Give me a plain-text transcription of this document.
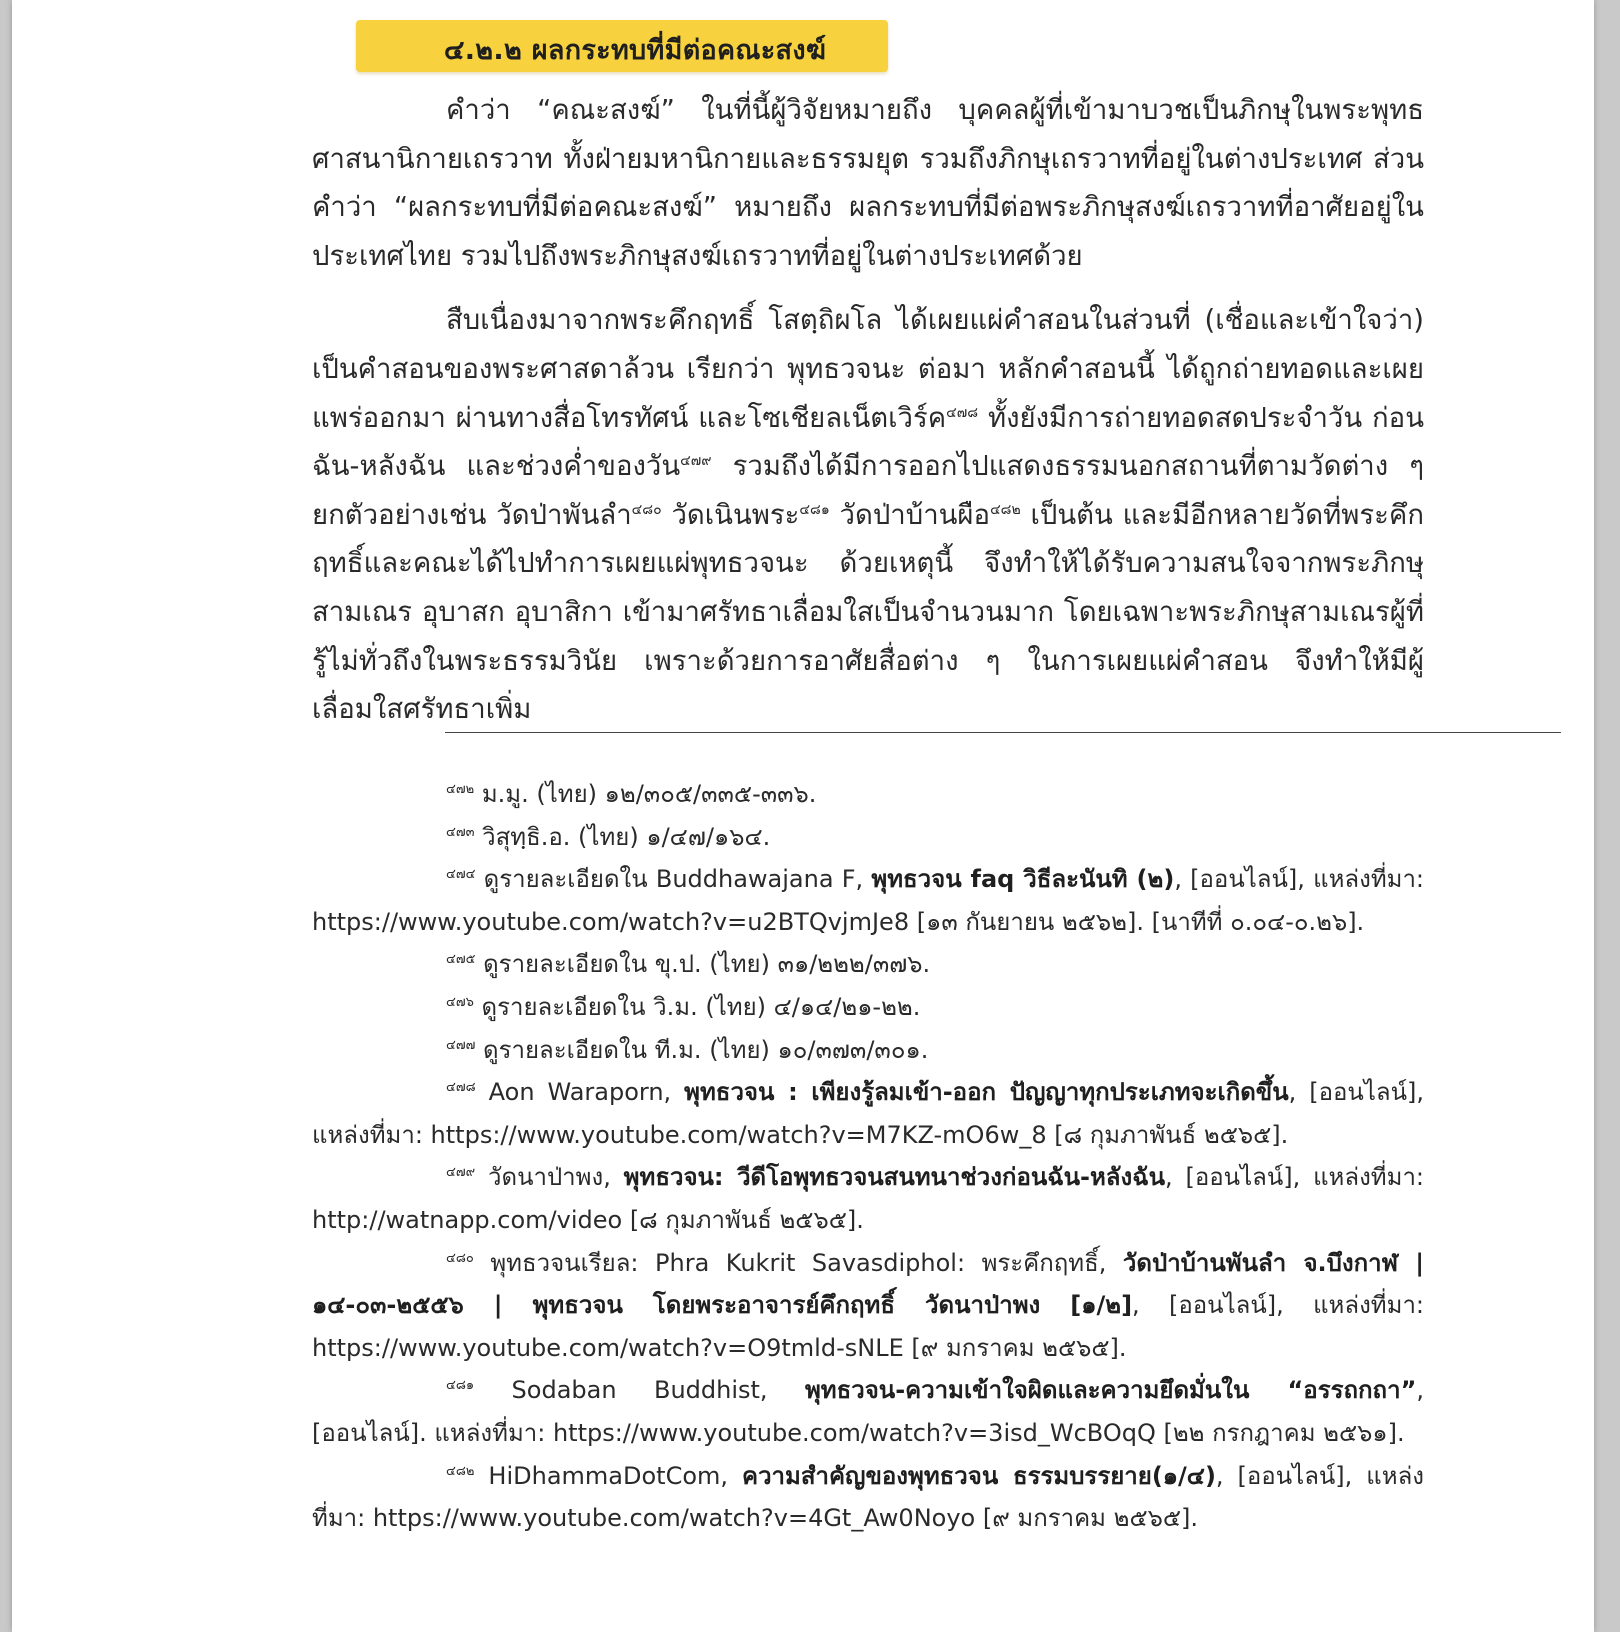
๔.๒.๒ ผลกระทบที่มีต่อคณะสงฆ์

คำว่า “คณะสงฆ์” ในที่นี้ผู้วิจัยหมายถึง บุคคลผู้ที่เข้ามาบวชเป็นภิกษุในพระพุทธศาสนานิกายเถรวาท ทั้งฝ่ายมหานิกายและธรรมยุต รวมถึงภิกษุเถรวาทที่อยู่ในต่างประเทศ ส่วนคำว่า “ผลกระทบที่มีต่อคณะสงฆ์” หมายถึง ผลกระทบที่มีต่อพระภิกษุสงฆ์เถรวาทที่อาศัยอยู่ในประเทศไทย รวมไปถึงพระภิกษุสงฆ์เถรวาทที่อยู่ในต่างประเทศด้วย

สืบเนื่องมาจากพระคึกฤทธิ์ โสตฺถิผโล ได้เผยแผ่คำสอนในส่วนที่ (เชื่อและเข้าใจว่า) เป็นคำสอนของพระศาสดาล้วน เรียกว่า พุทธวจนะ ต่อมา หลักคำสอนนี้ ได้ถูกถ่ายทอดและเผยแพร่ออกมา ผ่านทางสื่อโทรทัศน์ และโซเชียลเน็ตเวิร์ค$^{๔๗๘}$ ทั้งยังมีการถ่ายทอดสดประจำวัน ก่อนฉัน-หลังฉัน และช่วงค่ำของวัน$^{๔๗๙}$ รวมถึงได้มีการออกไปแสดงธรรมนอกสถานที่ตามวัดต่าง ๆ ยกตัวอย่างเช่น วัดป่าพันลำ$^{๔๘๐}$ วัดเนินพระ$^{๔๘๑}$ วัดป่าบ้านผือ$^{๔๘๒}$ เป็นต้น และมีอีกหลายวัดที่พระคึกฤทธิ์และคณะได้ไปทำการเผยแผ่พุทธวจนะ ด้วยเหตุนี้ จึงทำให้ได้รับความสนใจจากพระภิกษุ สามเณร อุบาสก อุบาสิกา เข้ามาศรัทธาเลื่อมใสเป็นจำนวนมาก โดยเฉพาะพระภิกษุสามเณรผู้ที่รู้ไม่ทั่วถึงในพระธรรมวินัย เพราะด้วยการอาศัยสื่อต่าง ๆ ในการเผยแผ่คำสอน จึงทำให้มีผู้เลื่อมใสศรัทธาเพิ่ม

$^{๔๗๒}$ ม.มู. (ไทย) ๑๒/๓๐๕/๓๓๕-๓๓๖.

$^{๔๗๓}$ วิสุทฺธิ.อ. (ไทย) ๑/๔๗/๑๖๔.

$^{๔๗๔}$ ดูรายละเอียดใน Buddhawajana F, พุทธวจน faq วิธีละนันทิ (๒), [ออนไลน์], แหล่งที่มา: https://www.youtube.com/watch?v=u2BTQvjmJe8 [๑๓ กันยายน ๒๕๖๒]. [นาทีที่ ๐.๐๔-๐.๒๖].

$^{๔๗๕}$ ดูรายละเอียดใน ขุ.ป. (ไทย) ๓๑/๒๒๒/๓๗๖.

$^{๔๗๖}$ ดูรายละเอียดใน วิ.ม. (ไทย) ๔/๑๔/๒๑-๒๒.

$^{๔๗๗}$ ดูรายละเอียดใน ที.ม. (ไทย) ๑๐/๓๗๓/๓๐๑.

$^{๔๗๘}$ Aon Waraporn, พุทธวจน : เพียงรู้ลมเข้า-ออก ปัญญาทุกประเภทจะเกิดขึ้น, [ออนไลน์], แหล่งที่มา: https://www.youtube.com/watch?v=M7KZ-mO6w_8 [๘ กุมภาพันธ์ ๒๕๖๕].

$^{๔๗๙}$ วัดนาป่าพง, พุทธวจน: วีดีโอพุทธวจนสนทนาช่วงก่อนฉัน-หลังฉัน, [ออนไลน์], แหล่งที่มา: http://watnapp.com/video [๘ กุมภาพันธ์ ๒๕๖๕].

$^{๔๘๐}$ พุทธวจนเรียล: Phra Kukrit Savasdiphol: พระคึกฤทธิ์, วัดป่าบ้านพันลำ จ.บึงกาฬ | ๑๔-๐๓-๒๕๕๖ | พุทธวจน โดยพระอาจารย์คึกฤทธิ์ วัดนาป่าพง [๑/๒], [ออนไลน์], แหล่งที่มา: https://www.youtube.com/watch?v=O9tmld-sNLE [๙ มกราคม ๒๕๖๕].

$^{๔๘๑}$ Sodaban Buddhist, พุทธวจน-ความเข้าใจผิดและความยึดมั่นใน “อรรถกถา”, [ออนไลน์]. แหล่งที่มา: https://www.youtube.com/watch?v=3isd_WcBOqQ [๒๒ กรกฎาคม ๒๕๖๑].

$^{๔๘๒}$ HiDhammaDotCom, ความสำคัญของพุทธวจน ธรรมบรรยาย(๑/๔), [ออนไลน์], แหล่งที่มา: https://www.youtube.com/watch?v=4Gt_Aw0Noyo [๙ มกราคม ๒๕๖๕].
